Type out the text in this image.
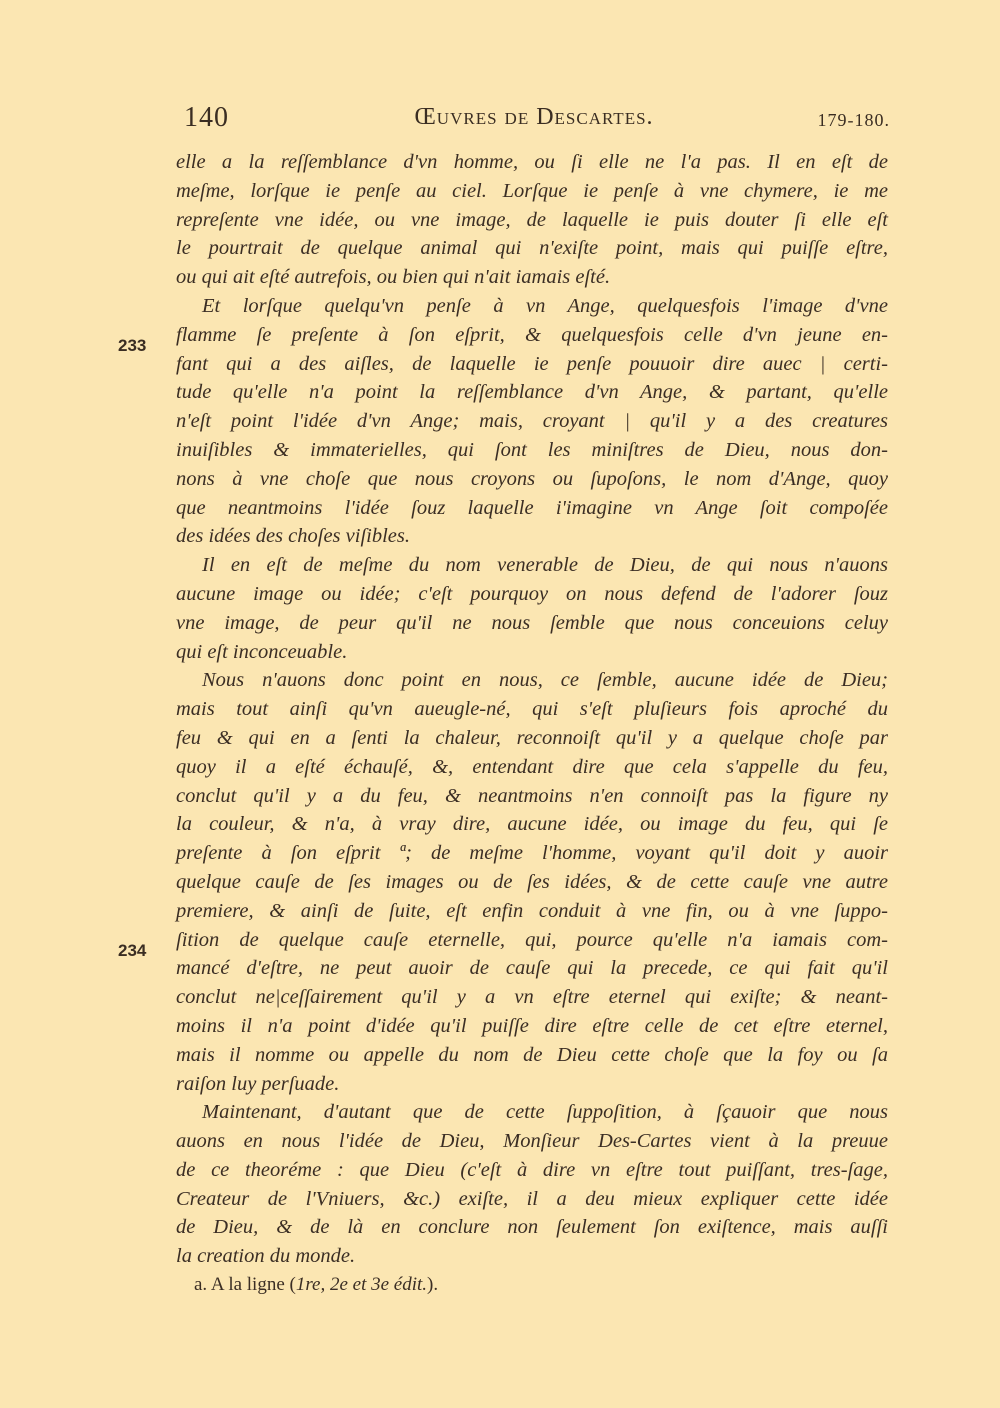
140	Œuvres de Descartes.	179-180.
233
234
elle a la reſſemblance d'vn homme, ou ſi elle ne l'a pas. Il en eſt de
meſme, lorſque ie penſe au ciel. Lorſque ie penſe à vne chymere, ie me
repreſente vne idée, ou vne image, de laquelle ie puis douter ſi elle eſt
le pourtrait de quelque animal qui n'exiſte point, mais qui puiſſe eſtre,
ou qui ait eſté autrefois, ou bien qui n'ait iamais eſté.
Et lorſque quelqu'vn penſe à vn Ange, quelquesfois l'image d'vne
flamme ſe preſente à ſon eſprit, & quelquesfois celle d'vn jeune en-
fant qui a des aiſles, de laquelle ie penſe pouuoir dire auec | certi-
tude qu'elle n'a point la reſſemblance d'vn Ange, & partant, qu'elle
n'eſt point l'idée d'vn Ange; mais, croyant | qu'il y a des creatures
inuiſibles & immaterielles, qui ſont les miniſtres de Dieu, nous don-
nons à vne choſe que nous croyons ou ſupoſons, le nom d'Ange, quoy
que neantmoins l'idée ſouz laquelle i'imagine vn Ange ſoit compoſée
des idées des choſes viſibles.
Il en eſt de meſme du nom venerable de Dieu, de qui nous n'auons
aucune image ou idée; c'eſt pourquoy on nous defend de l'adorer ſouz
vne image, de peur qu'il ne nous ſemble que nous conceuions celuy
qui eſt inconceuable.
Nous n'auons donc point en nous, ce ſemble, aucune idée de Dieu;
mais tout ainſi qu'vn aueugle-né, qui s'eſt pluſieurs fois aproché du
feu & qui en a ſenti la chaleur, reconnoiſt qu'il y a quelque choſe par
quoy il a eſté échauſé, &, entendant dire que cela s'appelle du feu,
conclut qu'il y a du feu, & neantmoins n'en connoiſt pas la figure ny
la couleur, & n'a, à vray dire, aucune idée, ou image du feu, qui ſe
preſente à ſon eſprit ª; de meſme l'homme, voyant qu'il doit y auoir
quelque cauſe de ſes images ou de ſes idées, & de cette cauſe vne autre
premiere, & ainſi de ſuite, eſt enfin conduit à vne fin, ou à vne ſuppo-
ſition de quelque cauſe eternelle, qui, pource qu'elle n'a iamais com-
mancé d'eſtre, ne peut auoir de cauſe qui la precede, ce qui fait qu'il
conclut ne|ceſſairement qu'il y a vn eſtre eternel qui exiſte; & neant-
moins il n'a point d'idée qu'il puiſſe dire eſtre celle de cet eſtre eternel,
mais il nomme ou appelle du nom de Dieu cette choſe que la foy ou ſa
raiſon luy perſuade.
Maintenant, d'autant que de cette ſuppoſition, à ſçauoir que nous
auons en nous l'idée de Dieu, Monſieur Des-Cartes vient à la preuue
de ce theoréme : que Dieu (c'eſt à dire vn eſtre tout puiſſant, tres-ſage,
Createur de l'Vniuers, &c.) exiſte, il a deu mieux expliquer cette idée
de Dieu, & de là en conclure non ſeulement ſon exiſtence, mais auſſi
la creation du monde.
a. A la ligne (1re, 2e et 3e édit.).
